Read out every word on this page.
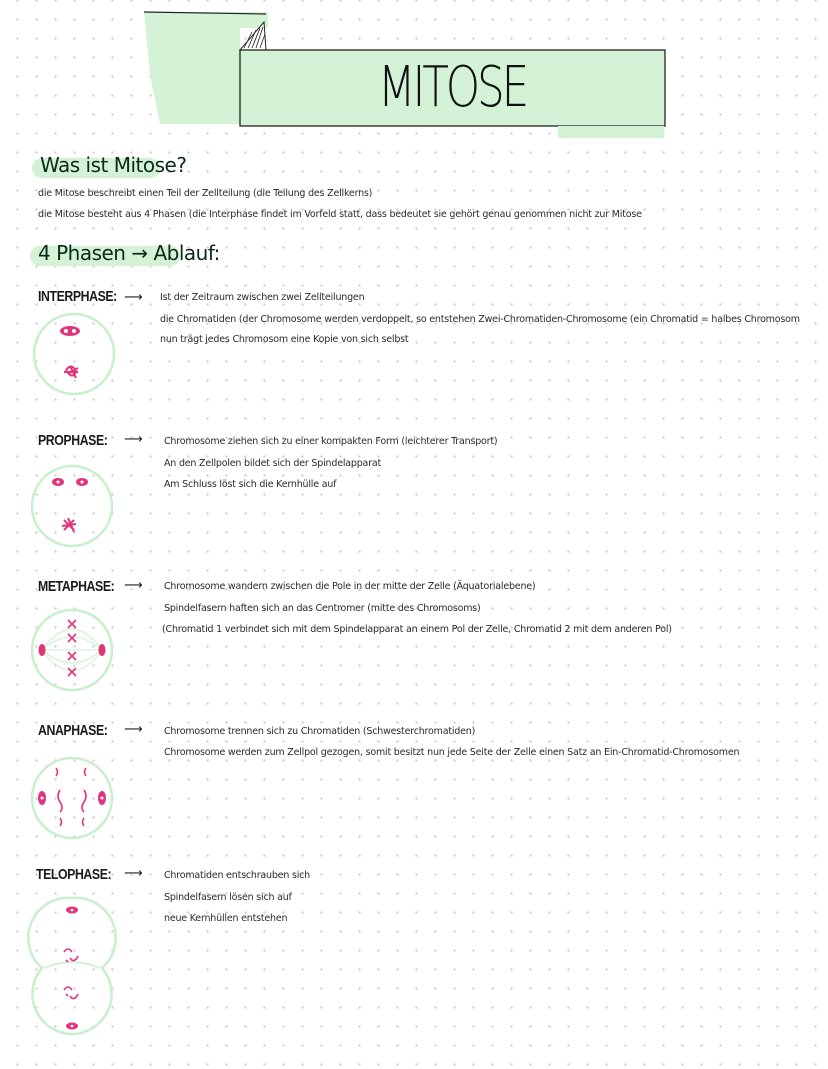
MITOSE
Was ist Mitose?
die Mitose beschreibt einen Teil der Zellteilung (die Teilung des Zellkerns)
die Mitose besteht aus 4 Phasen (die Interphase findet im Vorfeld statt, dass bedeutet sie gehört genau genommen nicht zur Mitose
4 Phasen → Ablauf:
INTERPHASE: ⟶ Ist der Zeitraum zwischen zwei Zellteilungen
die Chromatiden (der Chromosome werden verdoppelt, so entstehen Zwei-Chromatiden-Chromosome (ein Chromatid = halbes Chromosom
nun trägt jedes Chromosom eine Kopie von sich selbst
PROPHASE: ⟶ Chromosome ziehen sich zu einer kompakten Form (leichterer Transport)
An den Zellpolen bildet sich der Spindelapparat
Am Schluss löst sich die Kernhülle auf
METAPHASE: ⟶ Chromosome wandern zwischen die Pole in der mitte der Zelle (Äquatorialebene)
Spindelfasern haften sich an das Centromer (mitte des Chromosoms)
(Chromatid 1 verbindet sich mit dem Spindelapparat an einem Pol der Zelle, Chromatid 2 mit dem anderen Pol)
ANAPHASE: ⟶ Chromosome trennen sich zu Chromatiden (Schwesterchromatiden)
Chromosome werden zum Zellpol gezogen, somit besitzt nun jede Seite der Zelle einen Satz an Ein-Chromatid-Chromosomen
TELOPHASE: ⟶ Chromatiden entschrauben sich
Spindelfasern lösen sich auf
neue Kernhüllen entstehen
